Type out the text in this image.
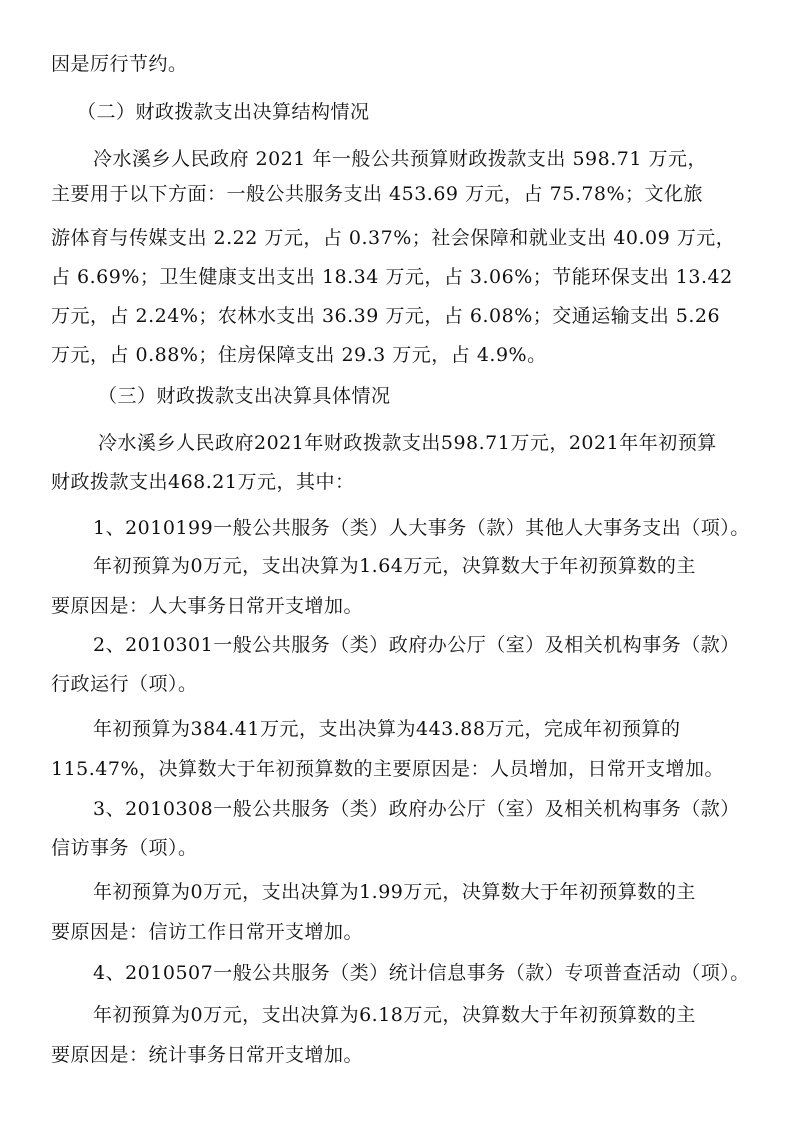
因是厉行节约。

（二）财政拨款支出决算结构情况

冷水溪乡人民政府 2021 年一般公共预算财政拨款支出 598.71 万元，

主要用于以下方面：一般公共服务支出 453.69 万元，占 75.78%；文化旅

游体育与传媒支出 2.22 万元，占 0.37%；社会保障和就业支出 40.09 万元，

占 6.69%；卫生健康支出支出 18.34 万元，占 3.06%；节能环保支出 13.42

万元，占 2.24%；农林水支出 36.39 万元，占 6.08%；交通运输支出 5.26

万元，占 0.88%；住房保障支出 29.3 万元，占 4.9%。

（三）财政拨款支出决算具体情况

冷水溪乡人民政府2021年财政拨款支出598.71万元，2021年年初预算

财政拨款支出468.21万元，其中：

1、2010199一般公共服务（类）人大事务（款）其他人大事务支出（项）。

年初预算为0万元，支出决算为1.64万元，决算数大于年初预算数的主

要原因是：人大事务日常开支增加。

2、2010301一般公共服务（类）政府办公厅（室）及相关机构事务（款）

行政运行（项）。

年初预算为384.41万元，支出决算为443.88万元，完成年初预算的

115.47%，决算数大于年初预算数的主要原因是：人员增加，日常开支增加。

3、2010308一般公共服务（类）政府办公厅（室）及相关机构事务（款）

信访事务（项）。

年初预算为0万元，支出决算为1.99万元，决算数大于年初预算数的主

要原因是：信访工作日常开支增加。

4、2010507一般公共服务（类）统计信息事务（款）专项普查活动（项）。

年初预算为0万元，支出决算为6.18万元，决算数大于年初预算数的主

要原因是：统计事务日常开支增加。
